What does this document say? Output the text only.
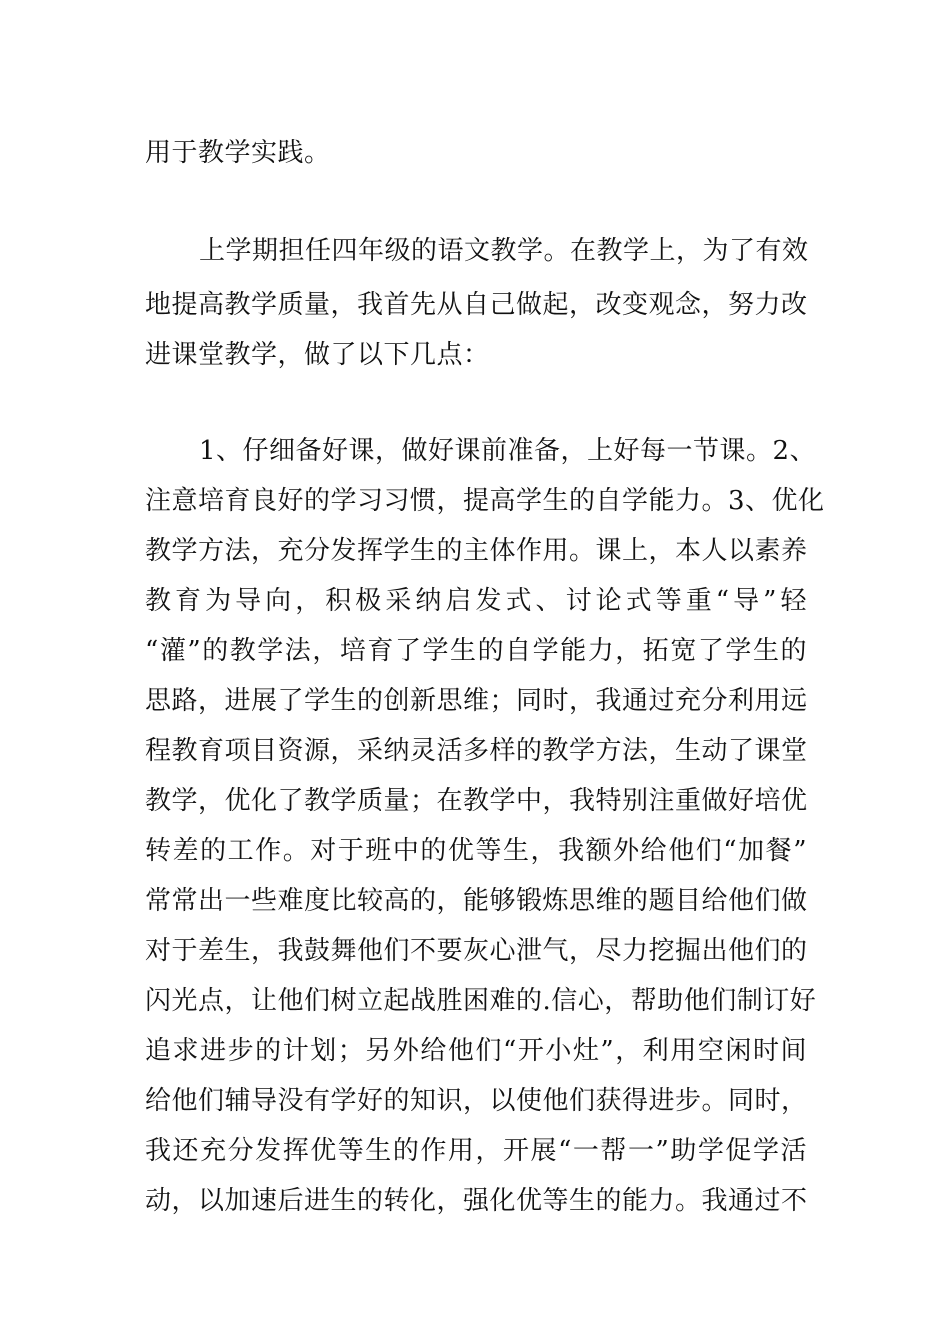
用于教学实践。
上学期担任四年级的语文教学。在教学上，为了有效
地提高教学质量，我首先从自己做起，改变观念，努力改
进课堂教学，做了以下几点：
1、仔细备好课，做好课前准备，上好每一节课。2、
注意培育良好的学习习惯，提高学生的自学能力。3、优化
教学方法，充分发挥学生的主体作用。课上，本人以素养
教育为导向，积极采纳启发式、讨论式等重“导”轻
“灌”的教学法，培育了学生的自学能力，拓宽了学生的
思路，进展了学生的创新思维；同时，我通过充分利用远
程教育项目资源，采纳灵活多样的教学方法，生动了课堂
教学，优化了教学质量；在教学中，我特别注重做好培优
转差的工作。对于班中的优等生，我额外给他们“加餐”
常常出一些难度比较高的，能够锻炼思维的题目给他们做
对于差生，我鼓舞他们不要灰心泄气，尽力挖掘出他们的
闪光点，让他们树立起战胜困难的.信心，帮助他们制订好
追求进步的计划；另外给他们“开小灶”，利用空闲时间
给他们辅导没有学好的知识，以使他们获得进步。同时，
我还充分发挥优等生的作用，开展“一帮一”助学促学活
动，以加速后进生的转化，强化优等生的能力。我通过不
